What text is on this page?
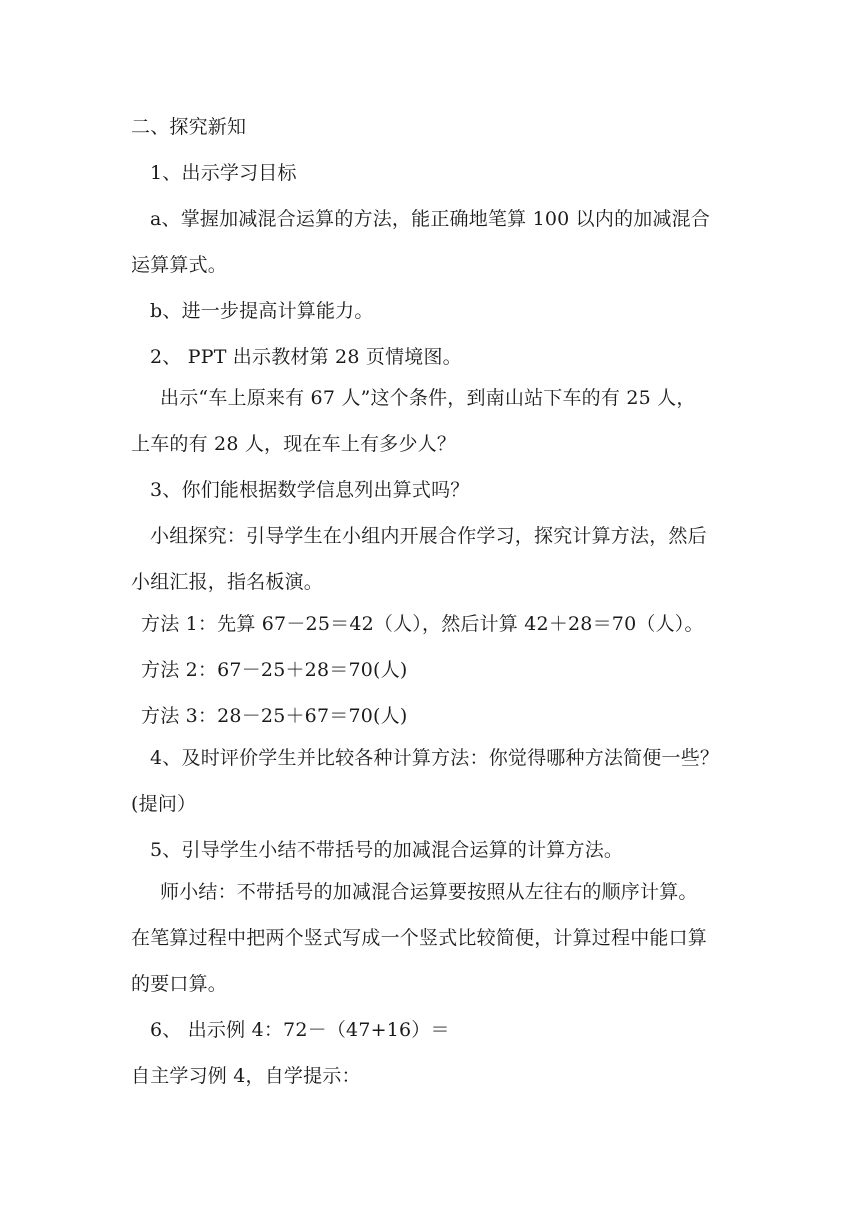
二、探究新知
1、出示学习目标
a、掌握加减混合运算的方法，能正确地笔算 100 以内的加减混合
运算算式。
b、进一步提高计算能力。
2、 PPT 出示教材第 28 页情境图。
出示“车上原来有 67 人”这个条件，到南山站下车的有 25 人，
上车的有 28 人，现在车上有多少人？
3、你们能根据数学信息列出算式吗？
小组探究：引导学生在小组内开展合作学习，探究计算方法，然后
小组汇报，指名板演。
方法 1：先算 67－25＝42（人），然后计算 42＋28＝70（人）。
方法 2：67－25＋28＝70(人)
方法 3：28－25＋67＝70(人)
4、及时评价学生并比较各种计算方法：你觉得哪种方法简便一些？
(提问）
5、引导学生小结不带括号的加减混合运算的计算方法。
师小结：不带括号的加减混合运算要按照从左往右的顺序计算。
在笔算过程中把两个竖式写成一个竖式比较简便，计算过程中能口算
的要口算。
6、 出示例 4：72－（47+16）＝
自主学习例 4，自学提示：
